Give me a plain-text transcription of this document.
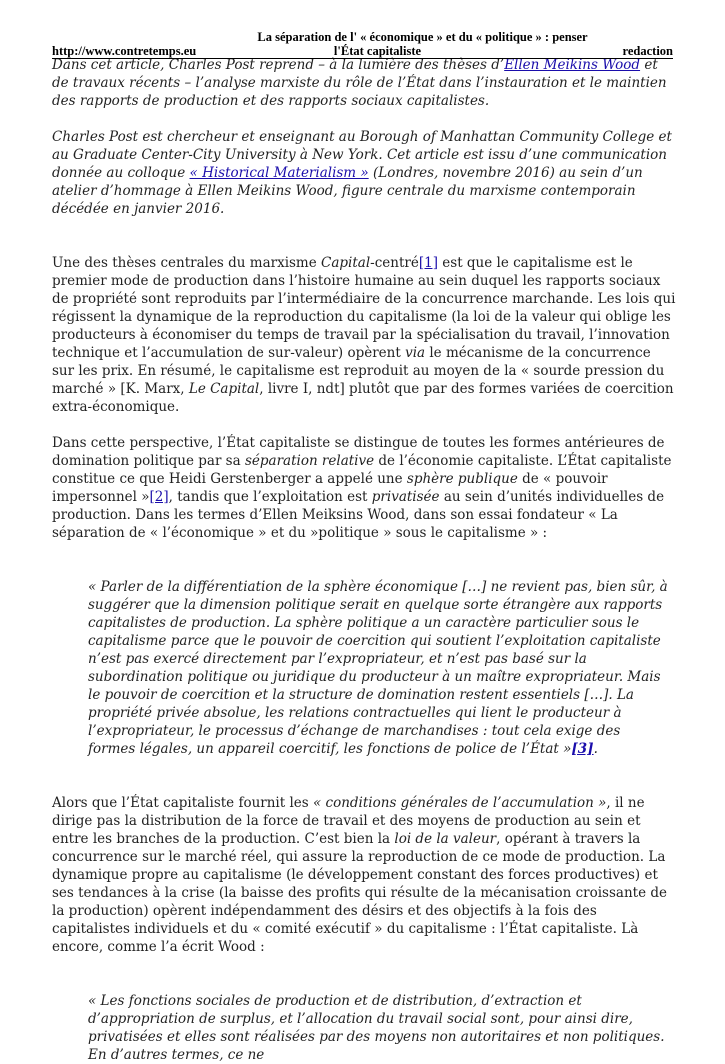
La séparation de l' « économique » et du « politique » : penser
http://www.contretemps.eu	l'État capitaliste	redaction

Dans cet article, Charles Post reprend – à la lumière des thèses d’Ellen Meikins Wood et de travaux récents – l’analyse marxiste du rôle de l’État dans l’instauration et le maintien des rapports de production et des rapports sociaux capitalistes.

Charles Post est chercheur et enseignant au Borough of Manhattan Community College et au Graduate Center-City University à New York. Cet article est issu d’une communication donnée au colloque « Historical Materialism » (Londres, novembre 2016) au sein d’un atelier d’hommage à Ellen Meikins Wood, figure centrale du marxisme contemporain décédée en janvier 2016.

Une des thèses centrales du marxisme Capital-centré[1] est que le capitalisme est le premier mode de production dans l’histoire humaine au sein duquel les rapports sociaux de propriété sont reproduits par l’intermédiaire de la concurrence marchande. Les lois qui régissent la dynamique de la reproduction du capitalisme (la loi de la valeur qui oblige les producteurs à économiser du temps de travail par la spécialisation du travail, l’innovation technique et l’accumulation de sur-valeur) opèrent via le mécanisme de la concurrence sur les prix. En résumé, le capitalisme est reproduit au moyen de la « sourde pression du marché » [K. Marx, Le Capital, livre I, ndt] plutôt que par des formes variées de coercition extra-économique.

Dans cette perspective, l’État capitaliste se distingue de toutes les formes antérieures de domination politique par sa séparation relative de l’économie capitaliste. L’État capitaliste constitue ce que Heidi Gerstenberger a appelé une sphère publique de « pouvoir impersonnel »[2], tandis que l’exploitation est privatisée au sein d’unités individuelles de production. Dans les termes d’Ellen Meiksins Wood, dans son essai fondateur « La séparation de « l’économique » et du »politique » sous le capitalisme » :

« Parler de la différentiation de la sphère économique […] ne revient pas, bien sûr, à suggérer que la dimension politique serait en quelque sorte étrangère aux rapports capitalistes de production. La sphère politique a un caractère particulier sous le capitalisme parce que le pouvoir de coercition qui soutient l’exploitation capitaliste n’est pas exercé directement par l’expropriateur, et n’est pas basé sur la subordination politique ou juridique du producteur à un maître expropriateur. Mais le pouvoir de coercition et la structure de domination restent essentiels […]. La propriété privée absolue, les relations contractuelles qui lient le producteur à l’expropriateur, le processus d’échange de marchandises : tout cela exige des formes légales, un appareil coercitif, les fonctions de police de l’État »[3].

Alors que l’État capitaliste fournit les « conditions générales de l’accumulation », il ne dirige pas la distribution de la force de travail et des moyens de production au sein et entre les branches de la production. C’est bien la loi de la valeur, opérant à travers la concurrence sur le marché réel, qui assure la reproduction de ce mode de production. La dynamique propre au capitalisme (le développement constant des forces productives) et ses tendances à la crise (la baisse des profits qui résulte de la mécanisation croissante de la production) opèrent indépendamment des désirs et des objectifs à la fois des capitalistes individuels et du « comité exécutif » du capitalisme : l’État capitaliste. Là encore, comme l’a écrit Wood :

« Les fonctions sociales de production et de distribution, d’extraction et d’appropriation de surplus, et l’allocation du travail social sont, pour ainsi dire, privatisées et elles sont réalisées par des moyens non autoritaires et non politiques. En d’autres termes, ce ne
